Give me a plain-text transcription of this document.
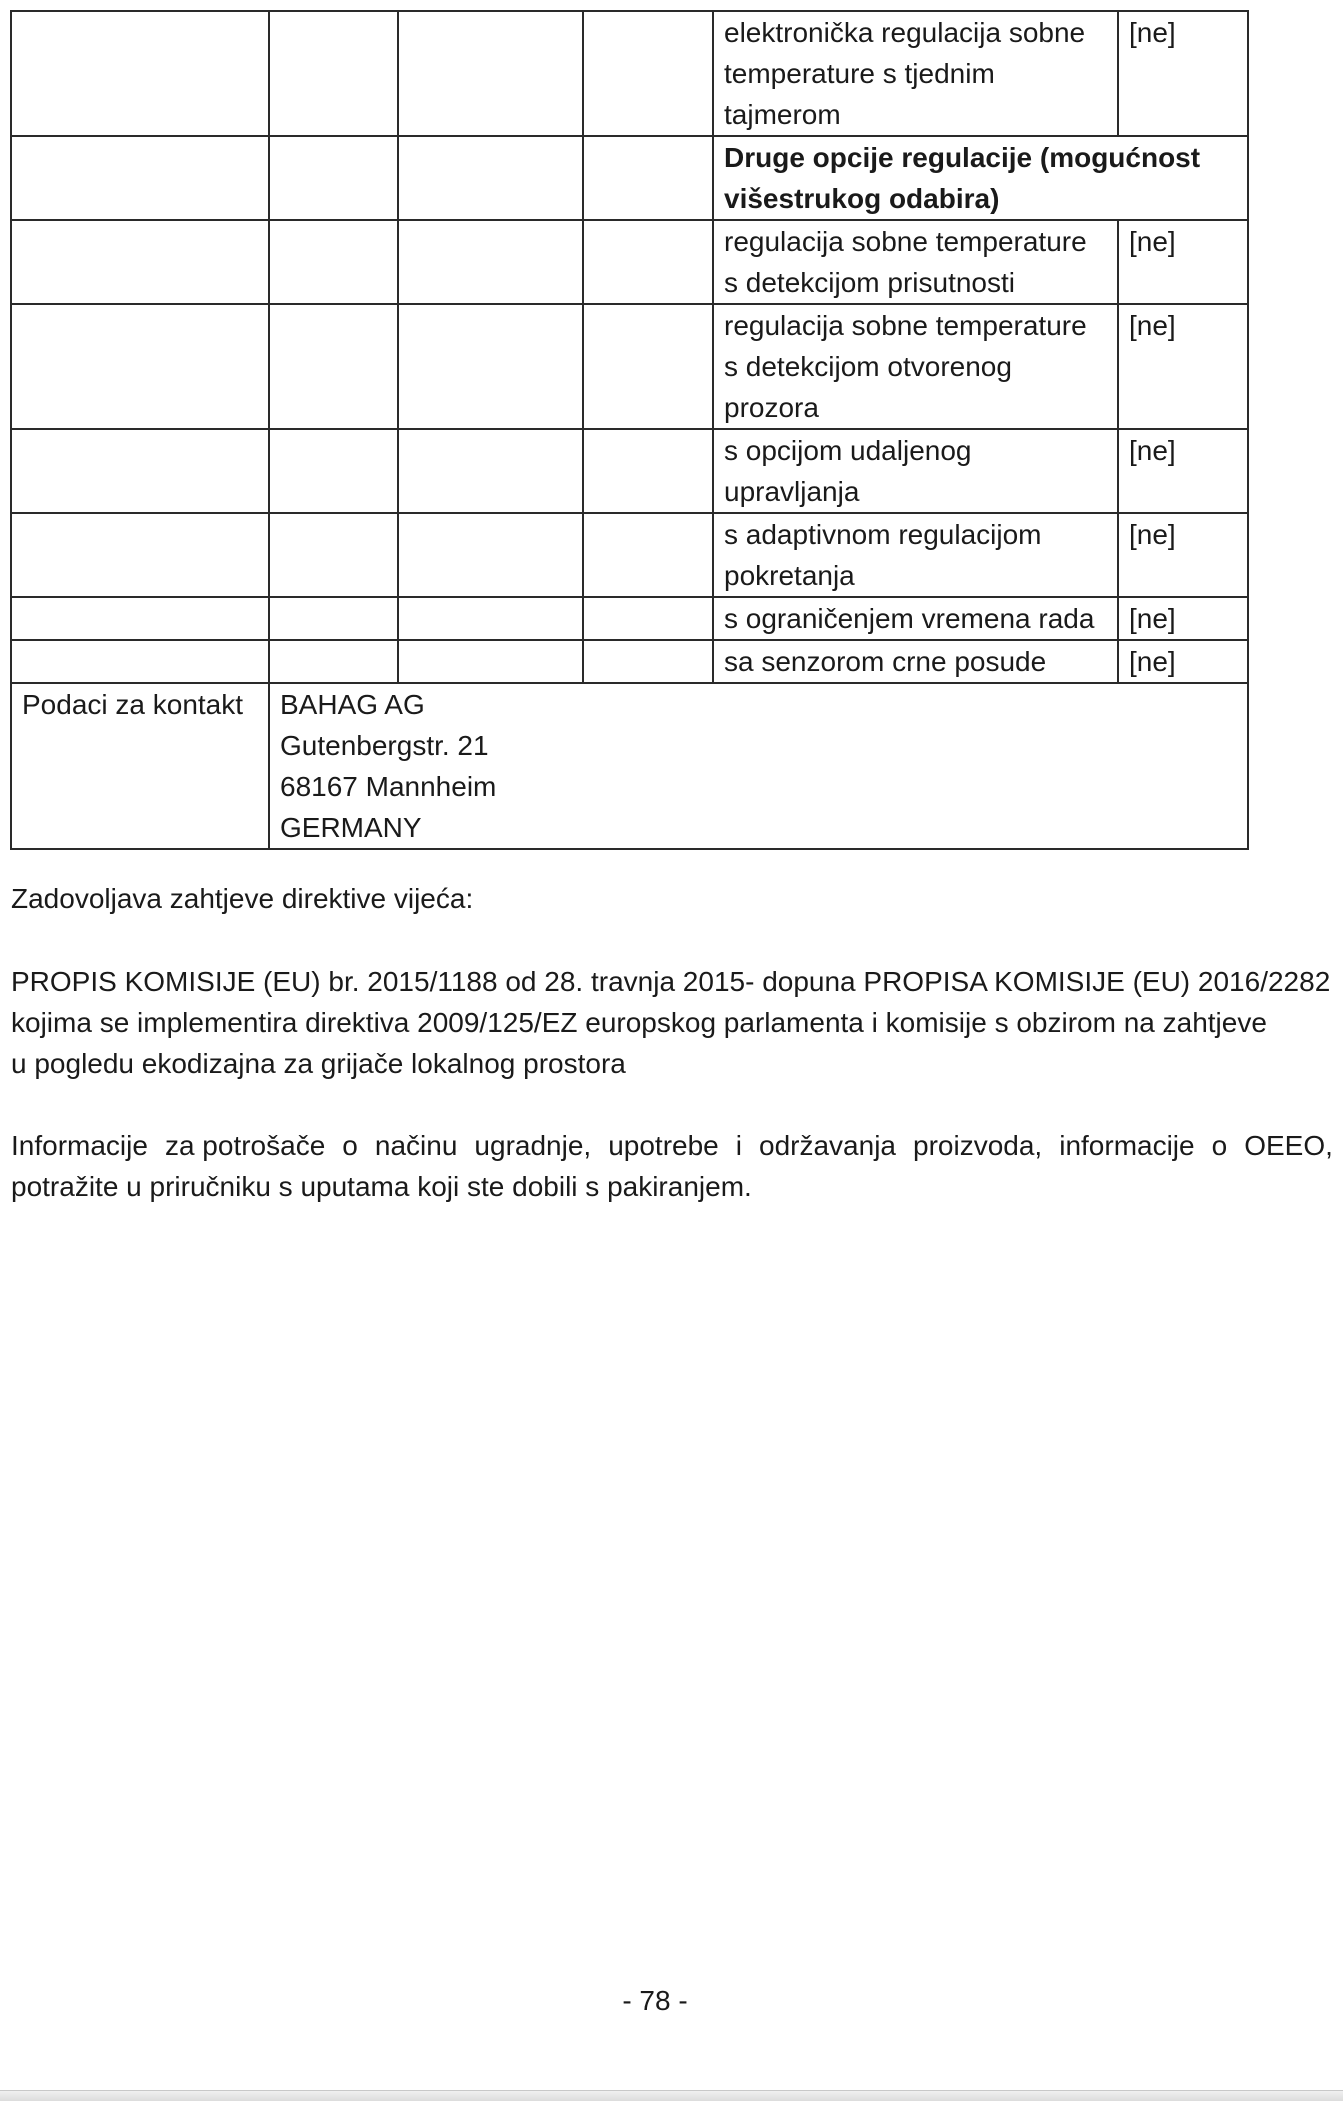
				elektronička regulacija sobne
temperature s tjednim
tajmerom	[ne]

				Druge opcije regulacije (mogućnost
višestrukog odabira)	

				regulacija sobne temperature
s detekcijom prisutnosti	[ne]

				regulacija sobne temperature
s detekcijom otvorenog
prozora	[ne]

				s opcijom udaljenog
upravljanja	[ne]

				s adaptivnom regulacijom
pokretanja	[ne]

				s ograničenjem vremena rada	[ne]

				sa senzorom crne posude	[ne]
Podaci za kontakt	BAHAG AG
Gutenbergstr. 21
68167 Mannheim
GERMANY				

Zadovoljava zahtjeve direktive vijeća:

PROPIS KOMISIJE (EU) br. 2015/1188 od 28. travnja 2015- dopuna PROPISA KOMISIJE (EU) 2016/2282
kojima se implementira direktiva 2009/125/EZ europskog parlamenta i komisije s obzirom na zahtjeve
u pogledu ekodizajna za grijače lokalnog prostora

Informacije za potrošače o načinu ugradnje, upotrebe i održavanja proizvoda, informacije o OEEO,
potražite u priručniku s uputama koji ste dobili s pakiranjem.

- 78 -
